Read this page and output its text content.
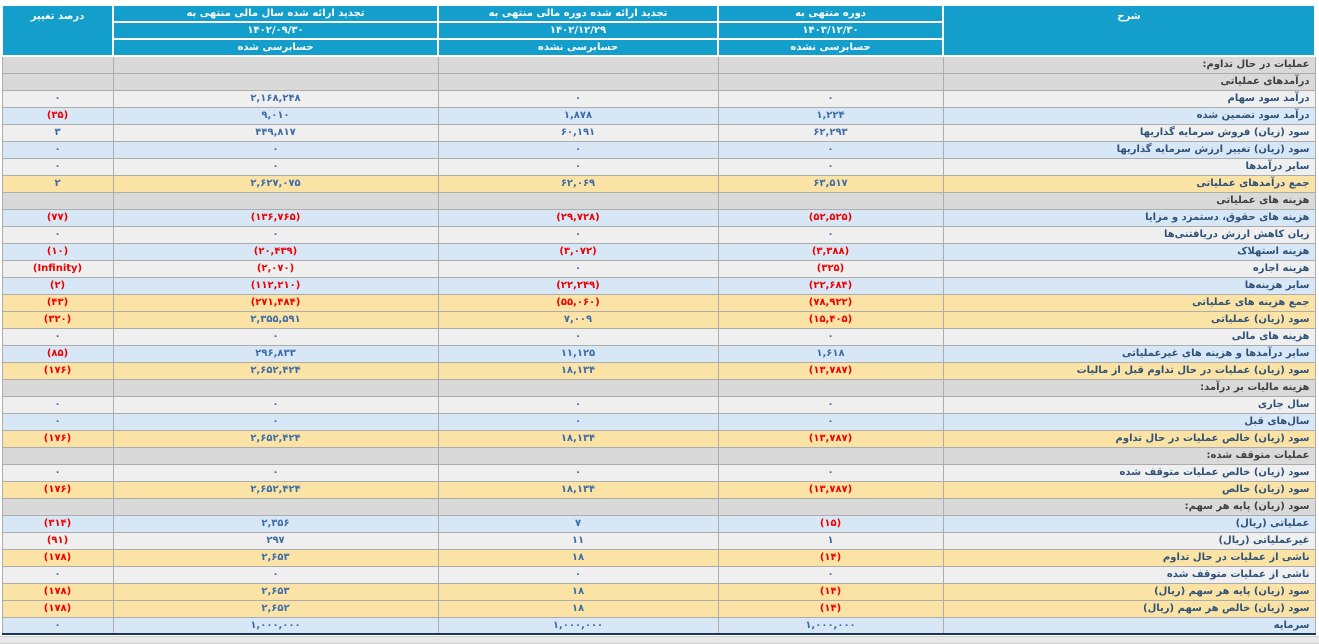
شرح	دوره منتهی به	تجدید ارائه شده دوره مالی منتهی به	تجدید ارائه شده سال مالی منتهی به	درصد تغییر
	۱۴۰۳/۱۲/۳۰	۱۴۰۲/۱۲/۲۹	۱۴۰۲/۰۹/۳۰	
	حسابرسی نشده	حسابرسی نشده	حسابرسی شده	
عملیات در حال تداوم:				
درآمدهای عملیاتی				
درآمد سود سهام	۰	۰	۲,۱۶۸,۲۴۸	۰
درآمد سود تضمین شده	۱,۲۲۴	۱,۸۷۸	۹,۰۱۰	(۳۵)
سود (زیان) فروش سرمایه گذاریها	۶۲,۲۹۳	۶۰,۱۹۱	۴۴۹,۸۱۷	۳
سود (زیان) تغییر ارزش سرمایه گذاریها	۰	۰	۰	۰
سایر درآمدها	۰	۰	۰	۰
جمع درآمدهای عملیاتی	۶۳,۵۱۷	۶۲,۰۶۹	۲,۶۲۷,۰۷۵	۲
هزینه های عملیاتی				
هزینه های حقوق، دستمزد و مزایا	(۵۲,۵۲۵)	(۲۹,۷۲۸)	(۱۳۶,۷۶۵)	(۷۷)
زیان کاهش ارزش دریافتنی‌ها	۰	۰	۰	۰
هزینه استهلاک	(۳,۳۸۸)	(۳,۰۷۲)	(۲۰,۴۳۹)	(۱۰)
هزینه اجاره	(۳۲۵)	۰	(۲,۰۷۰)	(Infinity)
سایر هزینه‌ها	(۲۲,۶۸۴)	(۲۲,۲۴۹)	(۱۱۲,۲۱۰)	(۲)
جمع هزینه های عملیاتی	(۷۸,۹۲۲)	(۵۵,۰۶۰)	(۲۷۱,۴۸۴)	(۴۳)
سود (زیان) عملیاتی	(۱۵,۴۰۵)	۷,۰۰۹	۲,۳۵۵,۵۹۱	(۳۲۰)
هزینه های مالی	۰	۰	۰	۰
سایر درآمدها و هزینه های غیرعملیاتی	۱,۶۱۸	۱۱,۱۲۵	۲۹۶,۸۳۳	(۸۵)
سود (زیان) عملیات در حال تداوم قبل از مالیات	(۱۳,۷۸۷)	۱۸,۱۳۴	۲,۶۵۲,۴۲۴	(۱۷۶)
هزینه مالیات بر درآمد:				
سال جاری	۰	۰	۰	۰
سال‌های قبل	۰	۰	۰	۰
سود (زیان) خالص عملیات در حال تداوم	(۱۳,۷۸۷)	۱۸,۱۳۴	۲,۶۵۲,۴۲۴	(۱۷۶)
عملیات متوقف شده:				
سود (زیان) خالص عملیات متوقف شده	۰	۰	۰	۰
سود (زیان) خالص	(۱۳,۷۸۷)	۱۸,۱۳۴	۲,۶۵۲,۴۲۴	(۱۷۶)
سود (زیان) پایه هر سهم:				
عملیاتی (ریال)	(۱۵)	۷	۲,۳۵۶	(۳۱۴)
غیرعملیاتی (ریال)	۱	۱۱	۲۹۷	(۹۱)
ناشی از عملیات در حال تداوم	(۱۴)	۱۸	۲,۶۵۳	(۱۷۸)
ناشی از عملیات متوقف شده	۰	۰	۰	۰
سود (زیان) پایه هر سهم (ریال)	(۱۴)	۱۸	۲,۶۵۳	(۱۷۸)
سود (زیان) خالص هر سهم (ریال)	(۱۴)	۱۸	۲,۶۵۲	(۱۷۸)
سرمایه	۱,۰۰۰,۰۰۰	۱,۰۰۰,۰۰۰	۱,۰۰۰,۰۰۰	۰
